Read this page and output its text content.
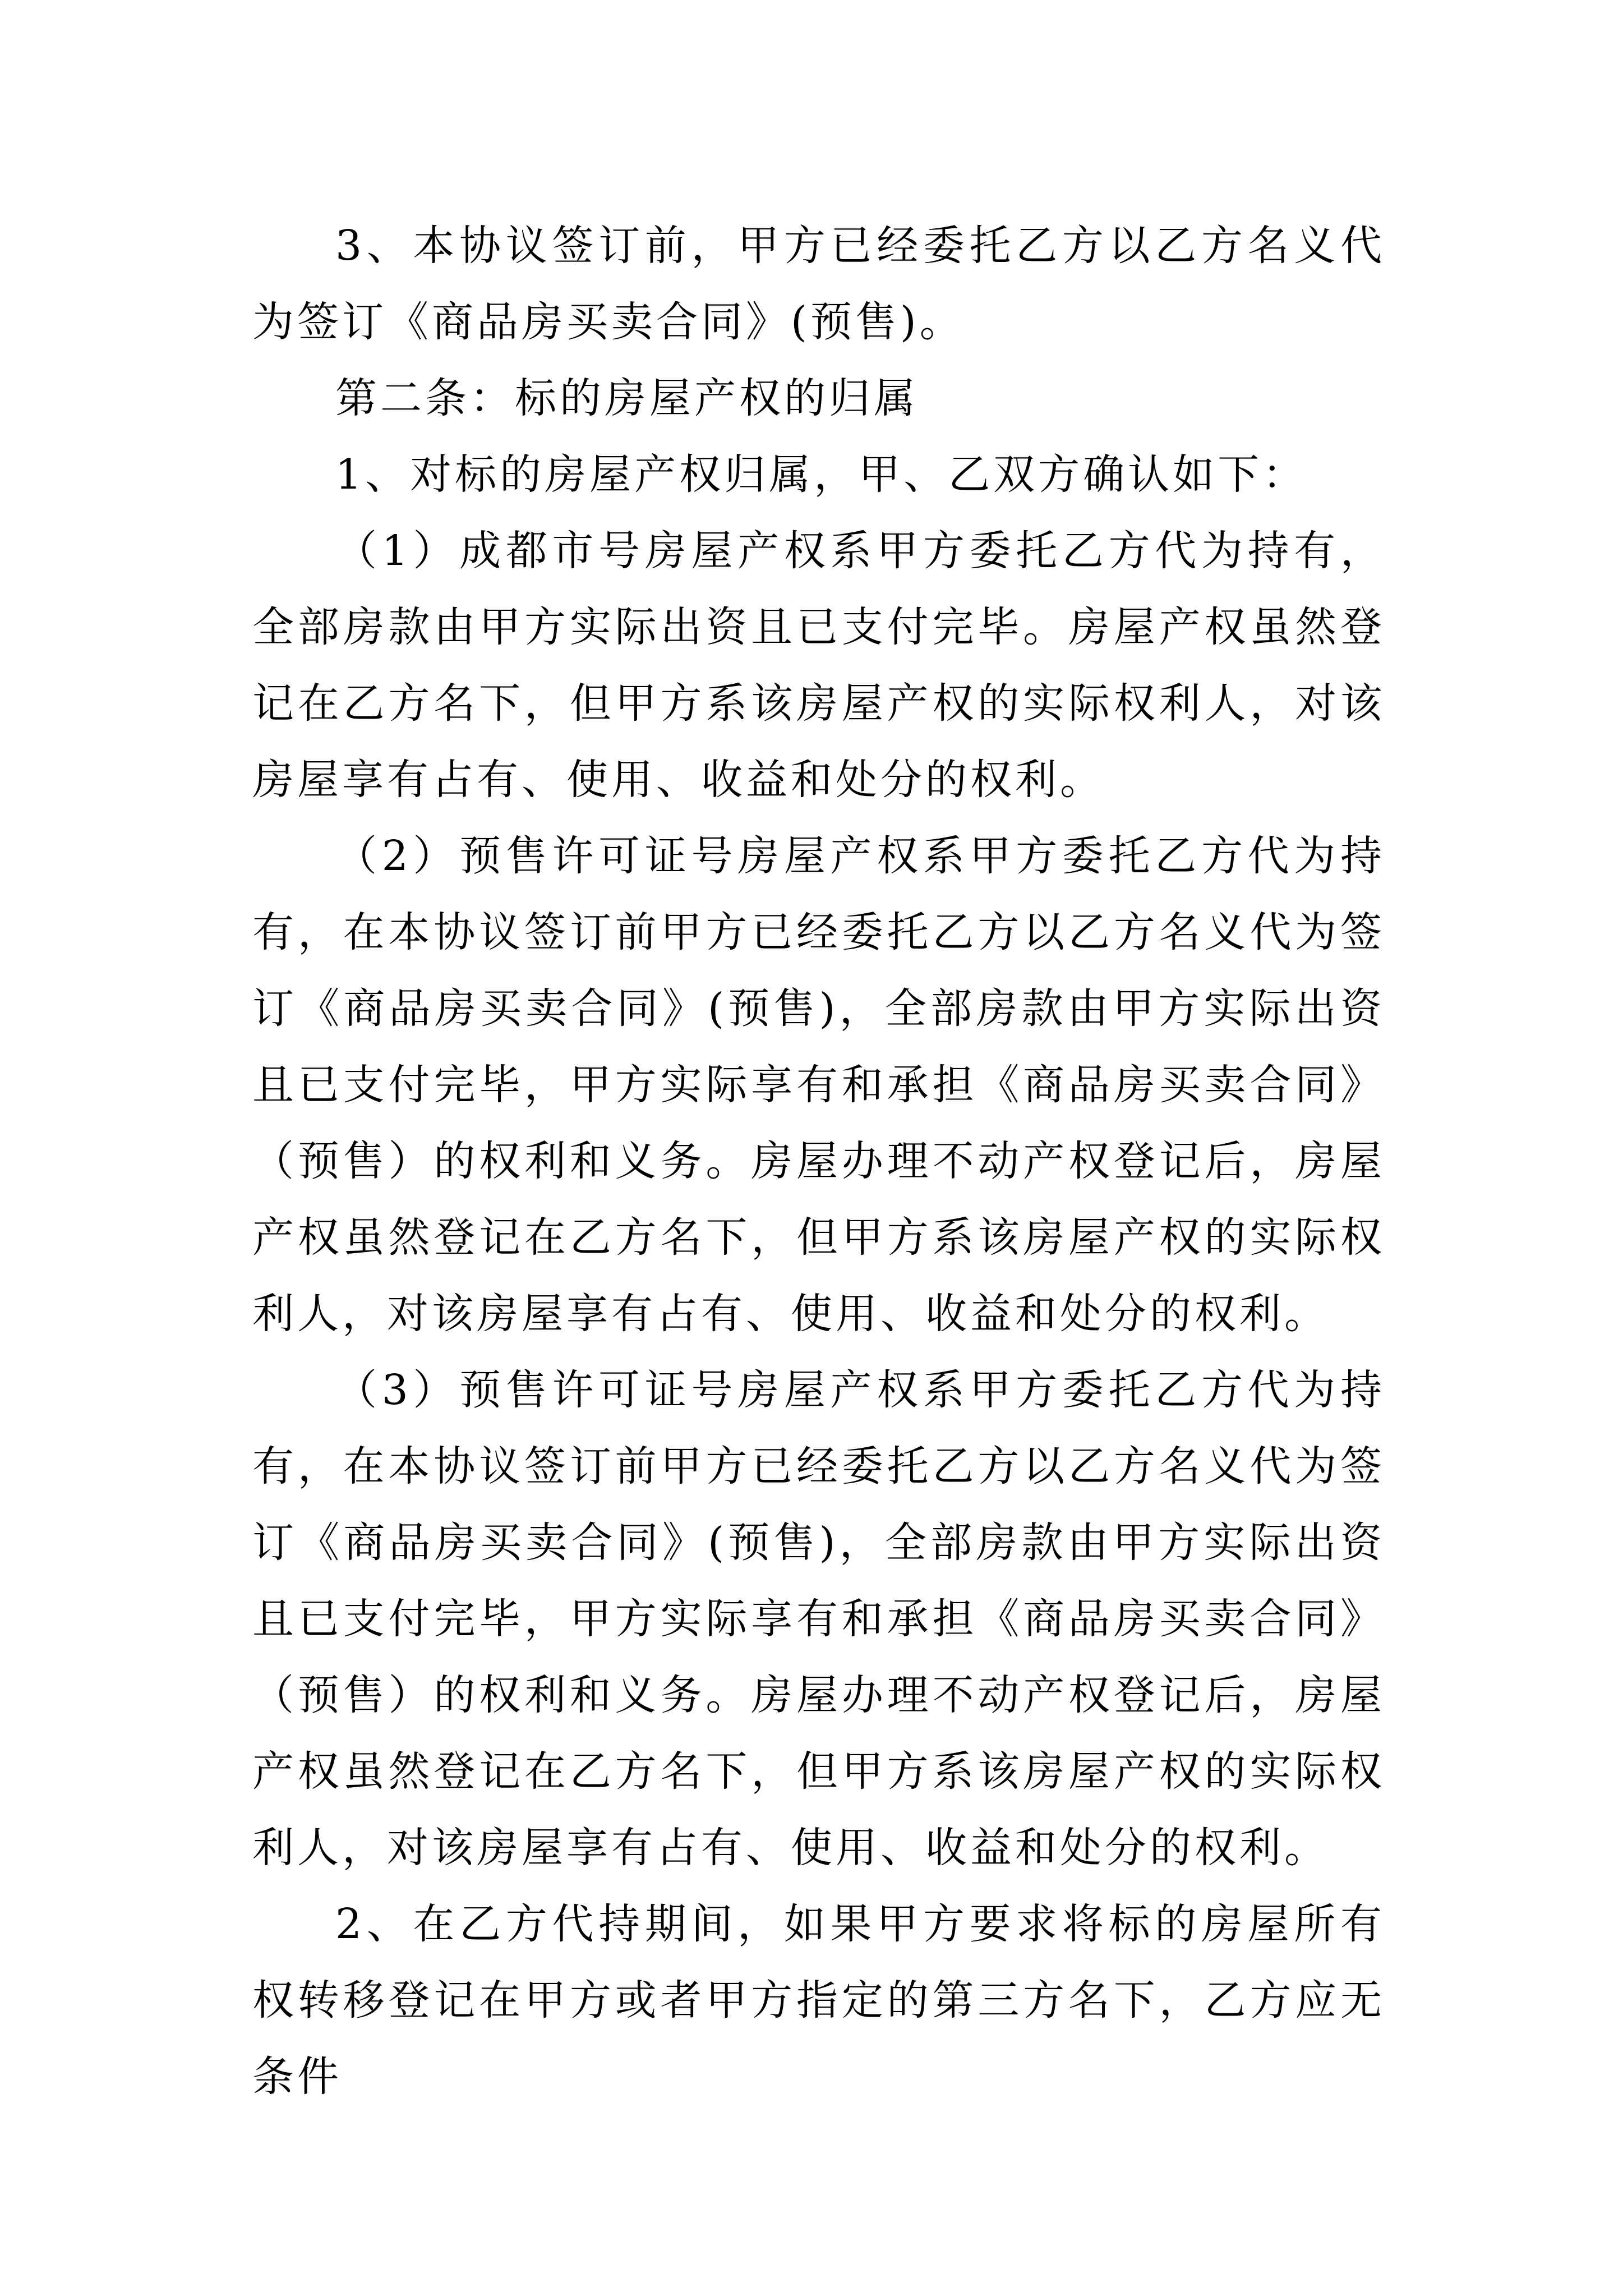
3、本协议签订前，甲方已经委托乙方以乙方名义代为签订《商品房买卖合同》(预售)。

第二条：标的房屋产权的归属

1、对标的房屋产权归属，甲、乙双方确认如下：

（1）成都市号房屋产权系甲方委托乙方代为持有，全部房款由甲方实际出资且已支付完毕。房屋产权虽然登记在乙方名下，但甲方系该房屋产权的实际权利人，对该房屋享有占有、使用、收益和处分的权利。

（2）预售许可证号房屋产权系甲方委托乙方代为持有，在本协议签订前甲方已经委托乙方以乙方名义代为签订《商品房买卖合同》(预售)，全部房款由甲方实际出资且已支付完毕，甲方实际享有和承担《商品房买卖合同》（预售）的权利和义务。房屋办理不动产权登记后，房屋产权虽然登记在乙方名下，但甲方系该房屋产权的实际权利人，对该房屋享有占有、使用、收益和处分的权利。

（3）预售许可证号房屋产权系甲方委托乙方代为持有，在本协议签订前甲方已经委托乙方以乙方名义代为签订《商品房买卖合同》(预售)，全部房款由甲方实际出资且已支付完毕，甲方实际享有和承担《商品房买卖合同》（预售）的权利和义务。房屋办理不动产权登记后，房屋产权虽然登记在乙方名下，但甲方系该房屋产权的实际权利人，对该房屋享有占有、使用、收益和处分的权利。

2、在乙方代持期间，如果甲方要求将标的房屋所有权转移登记在甲方或者甲方指定的第三方名下，乙方应无条件
